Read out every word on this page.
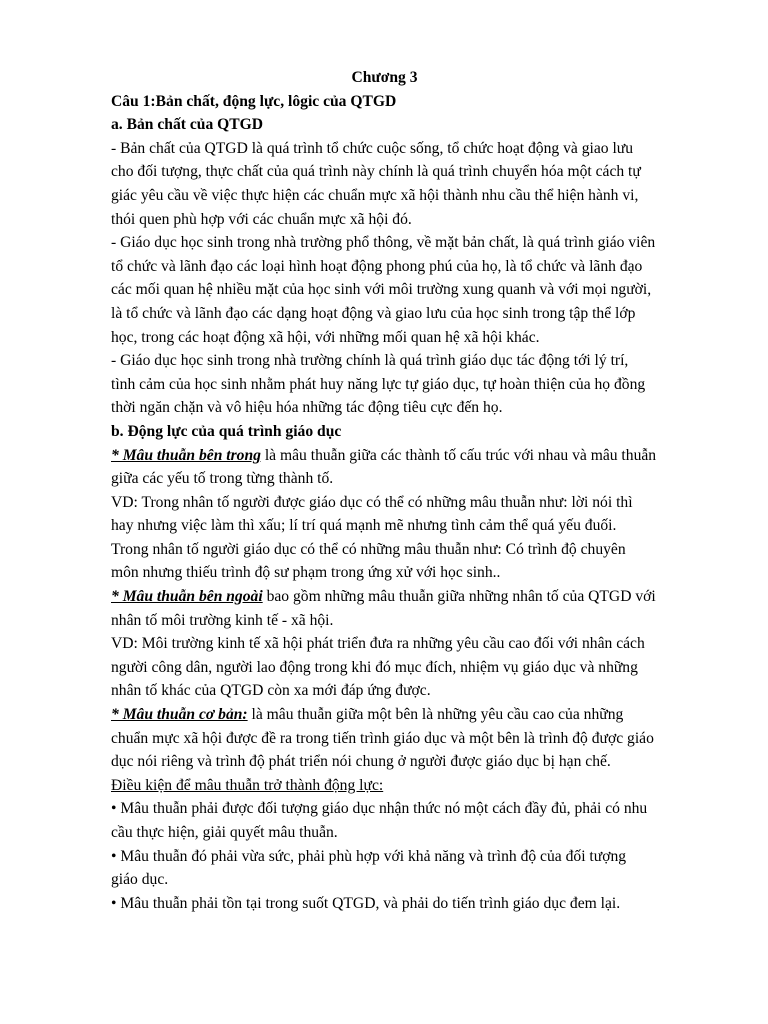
Chương 3
Câu 1:Bản chất, động lực, lôgic của QTGD
a. Bản chất của QTGD
- Bản chất của QTGD là quá trình tổ chức cuộc sống, tổ chức hoạt động và giao lưu
cho đối tượng, thực chất của quá trình này chính là quá trình chuyển hóa một cách tự
giác yêu cầu về việc thực hiện các chuẩn mực xã hội thành nhu cầu thể hiện hành vi,
thói quen phù hợp với các chuẩn mực xã hội đó.
- Giáo dục học sinh trong nhà trường phổ thông, về mặt bản chất, là quá trình giáo viên
tổ chức và lãnh đạo các loại hình hoạt động phong phú của họ, là tổ chức và lãnh đạo
các mối quan hệ nhiều mặt của học sinh với môi trường xung quanh và với mọi người,
là tổ chức và lãnh đạo các dạng hoạt động và giao lưu của học sinh trong tập thể lớp
học, trong các hoạt động xã hội, với những mối quan hệ xã hội khác.
- Giáo dục học sinh trong nhà trường chính là quá trình giáo dục tác động tới lý trí,
tình cảm của học sinh nhằm phát huy năng lực tự giáo dục, tự hoàn thiện của họ đồng
thời ngăn chặn và vô hiệu hóa những tác động tiêu cực đến họ.
b. Động lực của quá trình giáo dục
* Mâu thuẫn bên trong là mâu thuẫn giữa các thành tố cấu trúc với nhau và mâu thuẫn
giữa các yếu tố trong từng thành tố.
VD: Trong nhân tố người được giáo dục có thể có những mâu thuẫn như: lời nói thì
hay nhưng việc làm thì xấu; lí trí quá mạnh mẽ nhưng tình cảm thể quá yếu đuối.
Trong nhân tố người giáo dục có thể có những mâu thuẫn như: Có trình độ chuyên
môn nhưng thiếu trình độ sư phạm trong ứng xử với học sinh..
* Mâu thuẫn bên ngoài bao gồm những mâu thuẫn giữa những nhân tố của QTGD với
nhân tố môi trường kinh tế - xã hội.
VD: Môi trường kinh tế xã hội phát triển đưa ra những yêu cầu cao đối với nhân cách
người công dân, người lao động trong khi đó mục đích, nhiệm vụ giáo dục và những
nhân tố khác của QTGD còn xa mới đáp ứng được.
* Mâu thuẫn cơ bản: là mâu thuẫn giữa một bên là những yêu cầu cao của những
chuẩn mực xã hội được đề ra trong tiến trình giáo dục và một bên là trình độ được giáo
dục nói riêng và trình độ phát triển nói chung ở người được giáo dục bị hạn chế.
Điều kiện để mâu thuẫn trở thành động lực:
• Mâu thuẫn phải được đối tượng giáo dục nhận thức nó một cách đầy đủ, phải có nhu
cầu thực hiện, giải quyết mâu thuẫn.
• Mâu thuẫn đó phải vừa sức, phải phù hợp với khả năng và trình độ của đối tượng
giáo dục.
• Mâu thuẫn phải tồn tại trong suốt QTGD, và phải do tiến trình giáo dục đem lại.
